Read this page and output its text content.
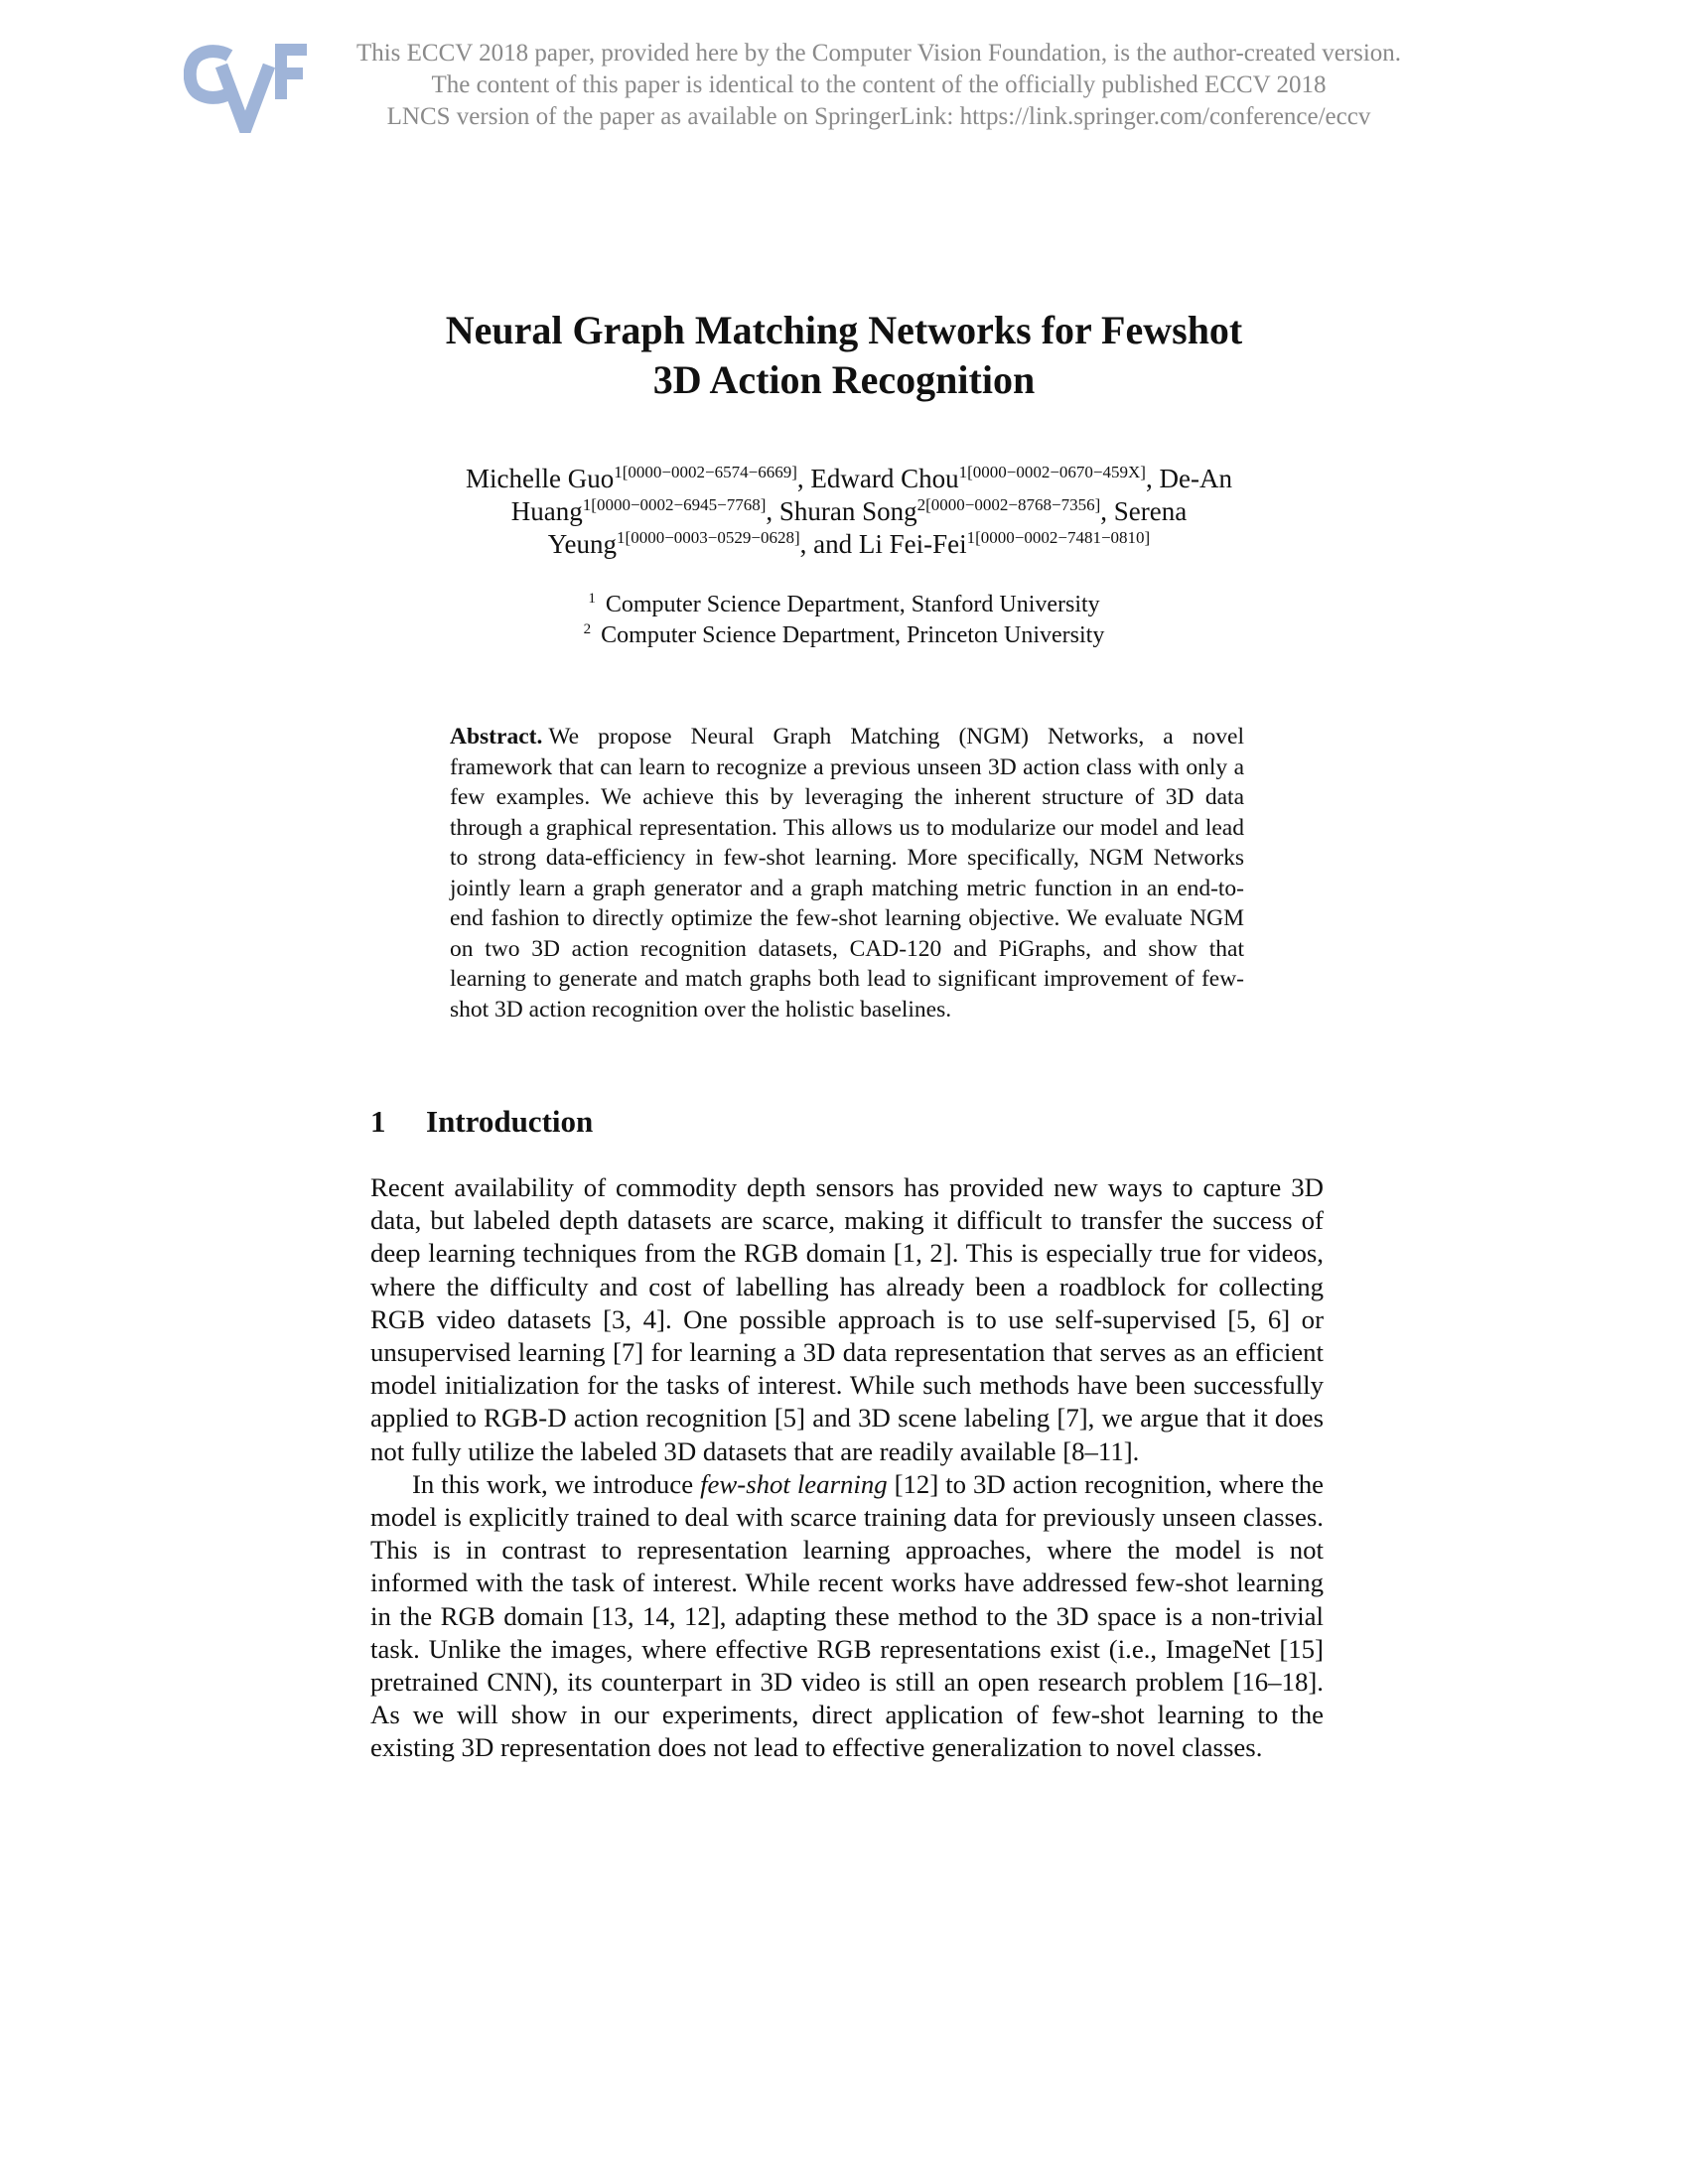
This ECCV 2018 paper, provided here by the Computer Vision Foundation, is the author-created version.
The content of this paper is identical to the content of the officially published ECCV 2018
LNCS version of the paper as available on SpringerLink: https://link.springer.com/conference/eccv
Neural Graph Matching Networks for Fewshot
3D Action Recognition
Michelle Guo$^{1[0000-0002-6574-6669]}$, Edward Chou$^{1[0000-0002-0670-459X]}$, De-An
Huang$^{1[0000-0002-6945-7768]}$, Shuran Song$^{2[0000-0002-8768-7356]}$, Serena
Yeung$^{1[0000-0003-0529-0628]}$, and Li Fei-Fei$^{1[0000-0002-7481-0810]}$
$^1$ Computer Science Department, Stanford University
$^2$ Computer Science Department, Princeton University
Abstract. We propose Neural Graph Matching (NGM) Networks, a novel framework that can learn to recognize a previous unseen 3D action class with only a few examples. We achieve this by leveraging the inherent structure of 3D data through a graphical representation. This allows us to modularize our model and lead to strong data-efficiency in few-shot learning. More specifically, NGM Networks jointly learn a graph generator and a graph matching metric function in an end-to-end fashion to directly optimize the few-shot learning objective. We evaluate NGM on two 3D action recognition datasets, CAD-120 and PiGraphs, and show that learning to generate and match graphs both lead to significant improvement of few-shot 3D action recognition over the holistic baselines.
1 Introduction

Recent availability of commodity depth sensors has provided new ways to capture 3D data, but labeled depth datasets are scarce, making it difficult to transfer the success of deep learning techniques from the RGB domain [1, 2]. This is especially true for videos, where the difficulty and cost of labelling has already been a roadblock for collecting RGB video datasets [3, 4]. One possible approach is to use self-supervised [5, 6] or unsupervised learning [7] for learning a 3D data representation that serves as an efficient model initialization for the tasks of interest. While such methods have been successfully applied to RGB-D action recognition [5] and 3D scene labeling [7], we argue that it does not fully utilize the labeled 3D datasets that are readily available [8–11].

In this work, we introduce few-shot learning [12] to 3D action recognition, where the model is explicitly trained to deal with scarce training data for previously unseen classes. This is in contrast to representation learning approaches, where the model is not informed with the task of interest. While recent works have addressed few-shot learning in the RGB domain [13, 14, 12], adapting these method to the 3D space is a non-trivial task. Unlike the images, where effective RGB representations exist (i.e., ImageNet [15] pretrained CNN), its counterpart in 3D video is still an open research problem [16–18]. As we will show in our experiments, direct application of few-shot learning to the existing 3D representation does not lead to effective generalization to novel classes.
